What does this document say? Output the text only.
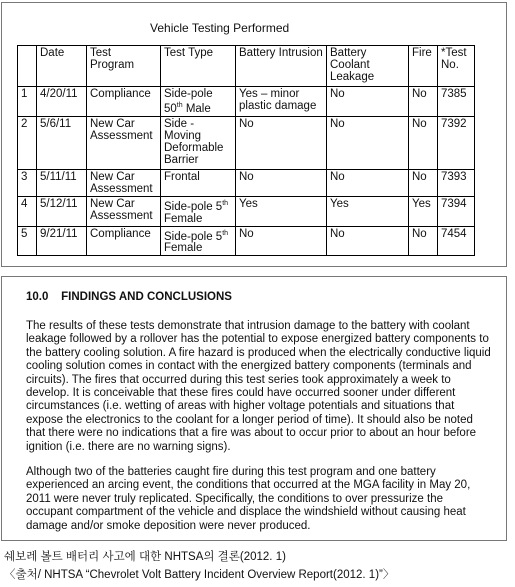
Vehicle Testing Performed
	Date	Test Program	Test Type	Battery Intrusion	Battery Coolant Leakage	Fire	*Test No.
1	4/20/11	Compliance	Side-pole 50th Male	Yes – minor plastic damage	No	No	7385
2	5/6/11	New Car Assessment	Side - Moving Deformable Barrier	No	No	No	7392
3	5/11/11	New Car Assessment	Frontal	No	No	No	7393
4	5/12/11	New Car Assessment	Side-pole 5th Female	Yes	Yes	Yes	7394
5	9/21/11	Compliance	Side-pole 5th Female	No	No	No	7454
10.0    FINDINGS AND CONCLUSIONS

The results of these tests demonstrate that intrusion damage to the battery with coolant leakage followed by a rollover has the potential to expose energized battery components to the battery cooling solution. A fire hazard is produced when the electrically conductive liquid cooling solution comes in contact with the energized battery components (terminals and circuits). The fires that occurred during this test series took approximately a week to develop. It is conceivable that these fires could have occurred sooner under different circumstances (i.e. wetting of areas with higher voltage potentials and situations that expose the electronics to the coolant for a longer period of time). It should also be noted that there were no indications that a fire was about to occur prior to about an hour before ignition (i.e. there are no warning signs).

Although two of the batteries caught fire during this test program and one battery experienced an arcing event, the conditions that occurred at the MGA facility in May 20, 2011 were never truly replicated. Specifically, the conditions to over pressurize the occupant compartment of the vehicle and displace the windshield without causing heat damage and/or smoke deposition were never produced.

쉐보레 볼트 배터리 사고에 대한 NHTSA의 결론(2012. 1)
〈출처/ NHTSA “Chevrolet Volt Battery Incident Overview Report(2012. 1)”〉
